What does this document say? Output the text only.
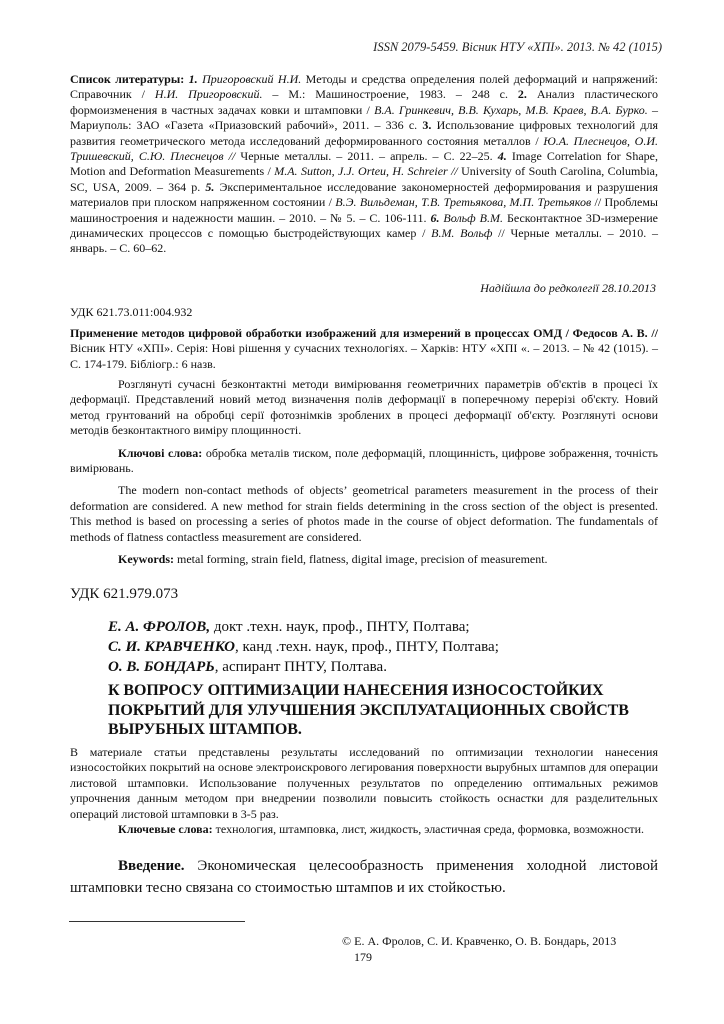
ISSN 2079-5459. Вісник НТУ «ХПІ». 2013. № 42 (1015)
Список литературы: 1. Пригоровский Н.И. Методы и средства определения полей деформаций и напряжений: Справочник / Н.И. Пригоровский. – М.: Машиностроение, 1983. – 248 с. 2. Анализ пластического формоизменения в частных задачах ковки и штамповки / В.А. Гринкевич, В.В. Кухарь, М.В. Краев, В.А. Бурко. – Мариуполь: ЗАО «Газета «Приазовский рабочий», 2011. – 336 с. 3. Использование цифровых технологий для развития геометрического метода исследований деформированного состояния металлов / Ю.А. Плеснецов, О.И. Тришевский, С.Ю. Плеснецов // Черные металлы. – 2011. – апрель. – С. 22–25. 4. Image Correlation for Shape, Motion and Deformation Measurements / M.A. Sutton, J.J. Orteu, H. Schreier // University of South Carolina, Columbia, SC, USA, 2009. – 364 p. 5. Экспериментальное исследование закономерностей деформирования и разрушения материалов при плоском напряженном состоянии / В.Э. Вильдеман, Т.В. Третьякова, М.П. Третьяков // Проблемы машиностроения и надежности машин. – 2010. – № 5. – С. 106-111. 6. Вольф В.М. Бесконтактное 3D-измерение динамических процессов с помощью быстродействующих камер / В.М. Вольф // Черные металлы. – 2010. – январь. – С. 60–62.
Надійшла до редколегії 28.10.2013
УДК 621.73.011:004.932
Применение методов цифровой обработки изображений для измерений в процессах ОМД / Федосов А. В. // Вісник НТУ «ХПІ». Серія: Нові рішення у сучасних технологіях. – Харків: НТУ «ХПІ «. – 2013. – № 42 (1015). – С. 174-179. Бібліогр.: 6 назв.

Розглянуті сучасні безконтактні методи вимірювання геометричних параметрів об'єктів в процесі їх деформації. Представлений новий метод визначення полів деформації в поперечному перерізі об'єкту. Новий метод грунтований на обробці серії фотознімків зроблених в процесі деформації об'єкту. Розглянуті основи методів безконтактного виміру площинності.

Ключові слова: обробка металів тиском, поле деформацій, площинність, цифрове зображення, точність вимірювань.

The modern non-contact methods of objects’ geometrical parameters measurement in the process of their deformation are considered. A new method for strain fields determining in the cross section of the object is presented. This method is based on processing a series of photos made in the course of object deformation. The fundamentals of methods of flatness contactless measurement are considered.

Keywords: metal forming, strain field, flatness, digital image, precision of measurement.

УДК 621.979.073
Е. А. ФРОЛОВ, докт .техн. наук, проф., ПНТУ, Полтава;
С. И. КРАВЧЕНКО, канд .техн. наук, проф., ПНТУ, Полтава;
О. В. БОНДАРЬ, аспирант ПНТУ, Полтава.
К ВОПРОСУ ОПТИМИЗАЦИИ НАНЕСЕНИЯ ИЗНОСОСТОЙКИХ ПОКРЫТИЙ ДЛЯ УЛУЧШЕНИЯ ЭКСПЛУАТАЦИОННЫХ СВОЙСТВ ВЫРУБНЫХ ШТАМПОВ.

В материале статьи представлены результаты исследований по оптимизации технологии нанесения износостойких покрытий на основе электроискрового легирования поверхности вырубных штампов для операции листовой штамповки. Использование полученных результатов по определению оптимальных режимов упрочнения данным методом при внедрении позволили повысить стойкость оснастки для разделительных операций листовой штамповки в 3-5 раз.

Ключевые слова: технология, штамповка, лист, жидкость, эластичная среда, формовка, возможности.

Введение. Экономическая целесообразность применения холодной листовой штамповки тесно связана со стоимостью штампов и их стойкостью.

© Е. А. Фролов, С. И. Кравченко, О. В. Бондарь, 2013
179
